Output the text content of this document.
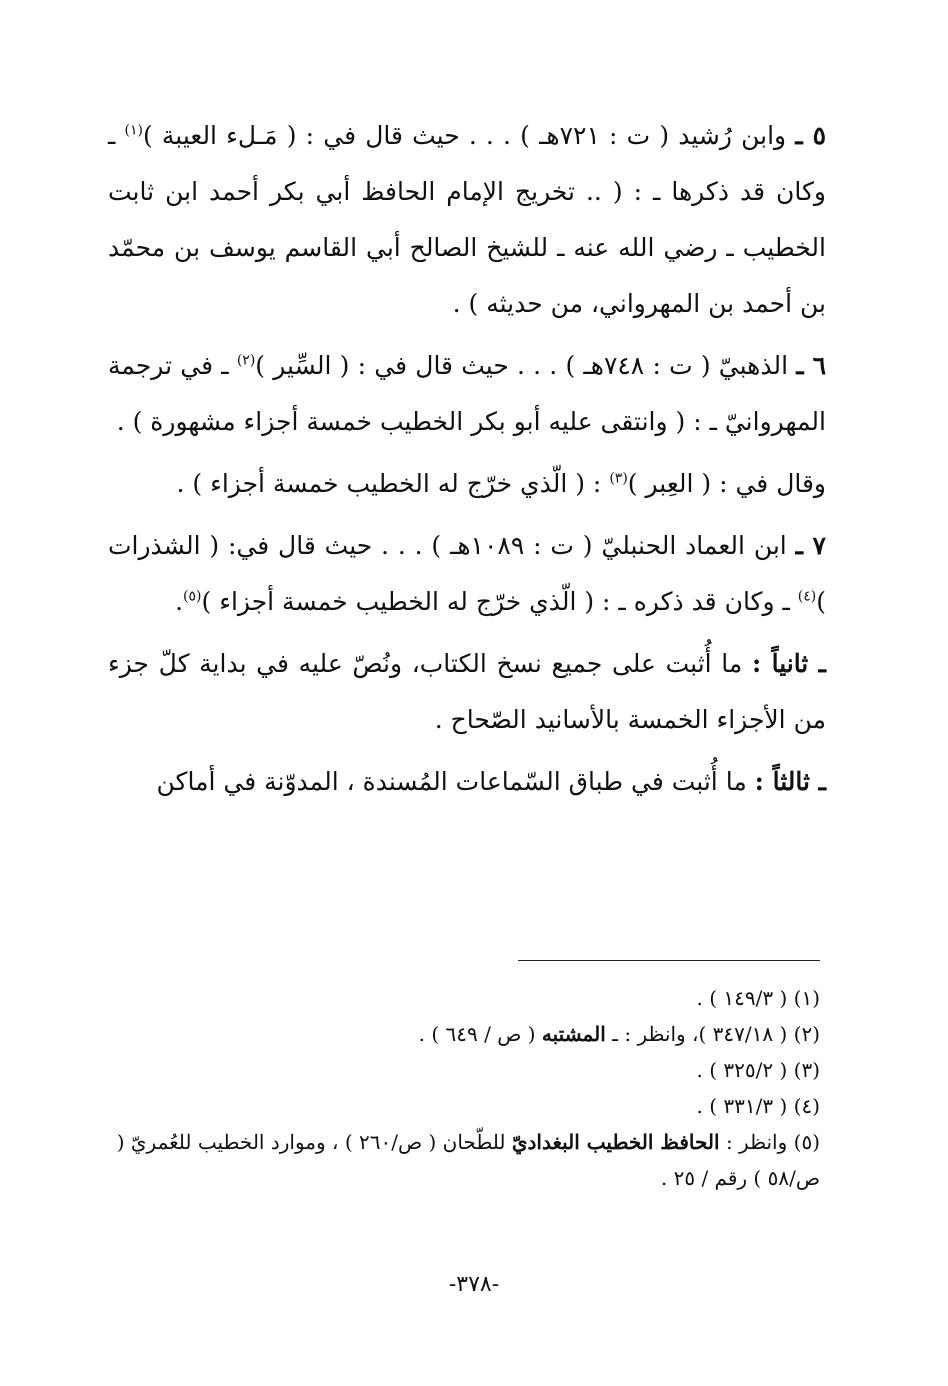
٥ ـ وابن رُشيد ( ت : ٧٢١هـ ) . . . حيث قال في : ( مَـلء العيبة )$^{(١)}$ ـ وكان قد ذكرها ـ : ( .. تخريج الإمام الحافظ أبي بكر أحمد ابن ثابت الخطيب ـ رضي الله عنه ـ للشيخ الصالح أبي القاسم يوسف بن محمّد بن أحمد بن المهرواني، من حديثه ) .

٦ ـ الذهبيّ ( ت : ٧٤٨هـ ) . . . حيث قال في : ( السِّير )$^{(٢)}$ ـ في ترجمة المهروانيّ ـ : ( وانتقى عليه أبو بكر الخطيب خمسة أجزاء مشهورة ) .

وقال في : ( العِبر )$^{(٣)}$ : ( الّذي خرّج له الخطيب خمسة أجزاء ) .

٧ ـ ابن العماد الحنبليّ ( ت : ١٠٨٩هـ ) . . . حيث قال في: ( الشذرات )$^{(٤)}$ ـ وكان قد ذكره ـ : ( الّذي خرّج له الخطيب خمسة أجزاء )$^{(٥)}$.

ـ ثانياً : ما أُثبت على جميع نسخ الكتاب، ونُصّ عليه في بداية كلّ جزء من الأجزاء الخمسة بالأسانيد الصّحاح .

ـ ثالثاً : ما أُثبت في طباق السّماعات المُسندة ، المدوّنة في أماكن

(١) ( ١٤٩/٣ ) .

(٢) ( ٣٤٧/١٨ )، وانظر : ـ المشتبه ( ص / ٦٤٩ ) .

(٣) ( ٣٢٥/٢ ) .

(٤) ( ٣٣١/٣ ) .

(٥) وانظر : الحافظ الخطيب البغداديّ للطّحان ( ص/٢٦٠ ) ، وموارد الخطيب للعُمريّ ( ص/٥٨ ) رقم / ٢٥ .

-٣٧٨-
